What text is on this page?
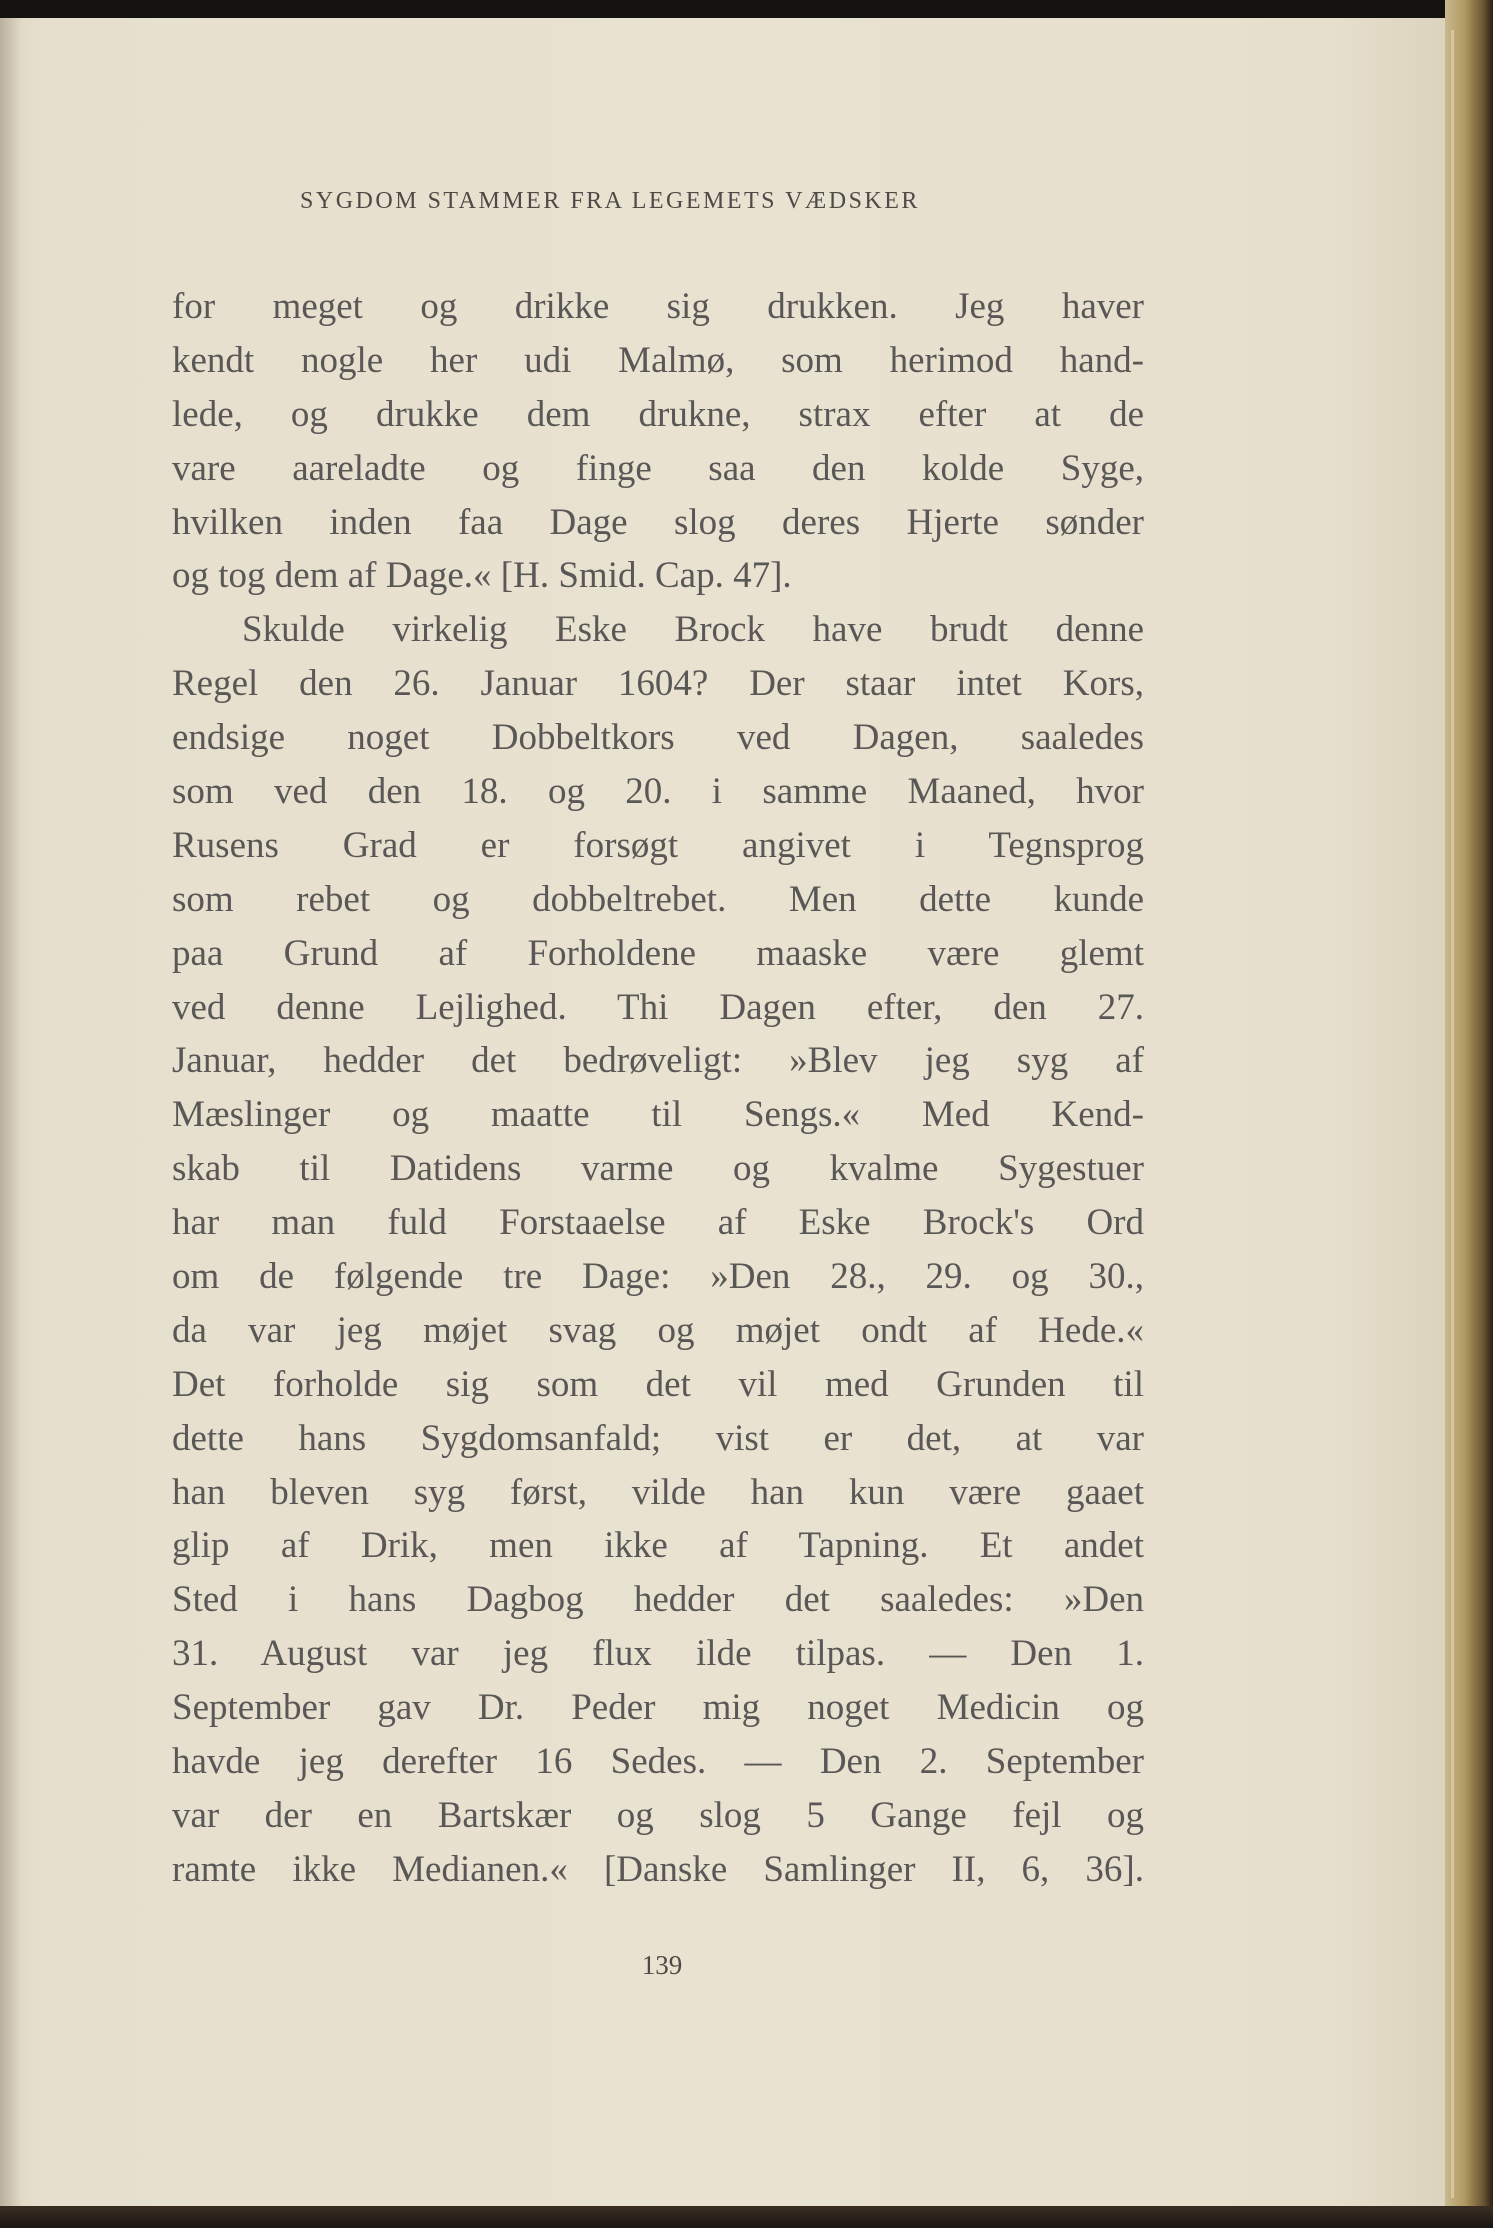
SYGDOM STAMMER FRA LEGEMETS VÆDSKER
for meget og drikke sig drukken. Jeg haver
kendt nogle her udi Malmø, som herimod hand-
lede, og drukke dem drukne, strax efter at de
vare aareladte og finge saa den kolde Syge,
hvilken inden faa Dage slog deres Hjerte sønder
og tog dem af Dage.« [H. Smid. Cap. 47].
Skulde virkelig Eske Brock have brudt denne
Regel den 26. Januar 1604? Der staar intet Kors,
endsige noget Dobbeltkors ved Dagen, saaledes
som ved den 18. og 20. i samme Maaned, hvor
Rusens Grad er forsøgt angivet i Tegnsprog
som rebet og dobbeltrebet. Men dette kunde
paa Grund af Forholdene maaske være glemt
ved denne Lejlighed. Thi Dagen efter, den 27.
Januar, hedder det bedrøveligt: »Blev jeg syg af
Mæslinger og maatte til Sengs.« Med Kend-
skab til Datidens varme og kvalme Sygestuer
har man fuld Forstaaelse af Eske Brock's Ord
om de følgende tre Dage: »Den 28., 29. og 30.,
da var jeg møjet svag og møjet ondt af Hede.«
Det forholde sig som det vil med Grunden til
dette hans Sygdomsanfald; vist er det, at var
han bleven syg først, vilde han kun være gaaet
glip af Drik, men ikke af Tapning. Et andet
Sted i hans Dagbog hedder det saaledes: »Den
31. August var jeg flux ilde tilpas. — Den 1.
September gav Dr. Peder mig noget Medicin og
havde jeg derefter 16 Sedes. — Den 2. September
var der en Bartskær og slog 5 Gange fejl og
ramte ikke Medianen.« [Danske Samlinger II, 6, 36].
139
